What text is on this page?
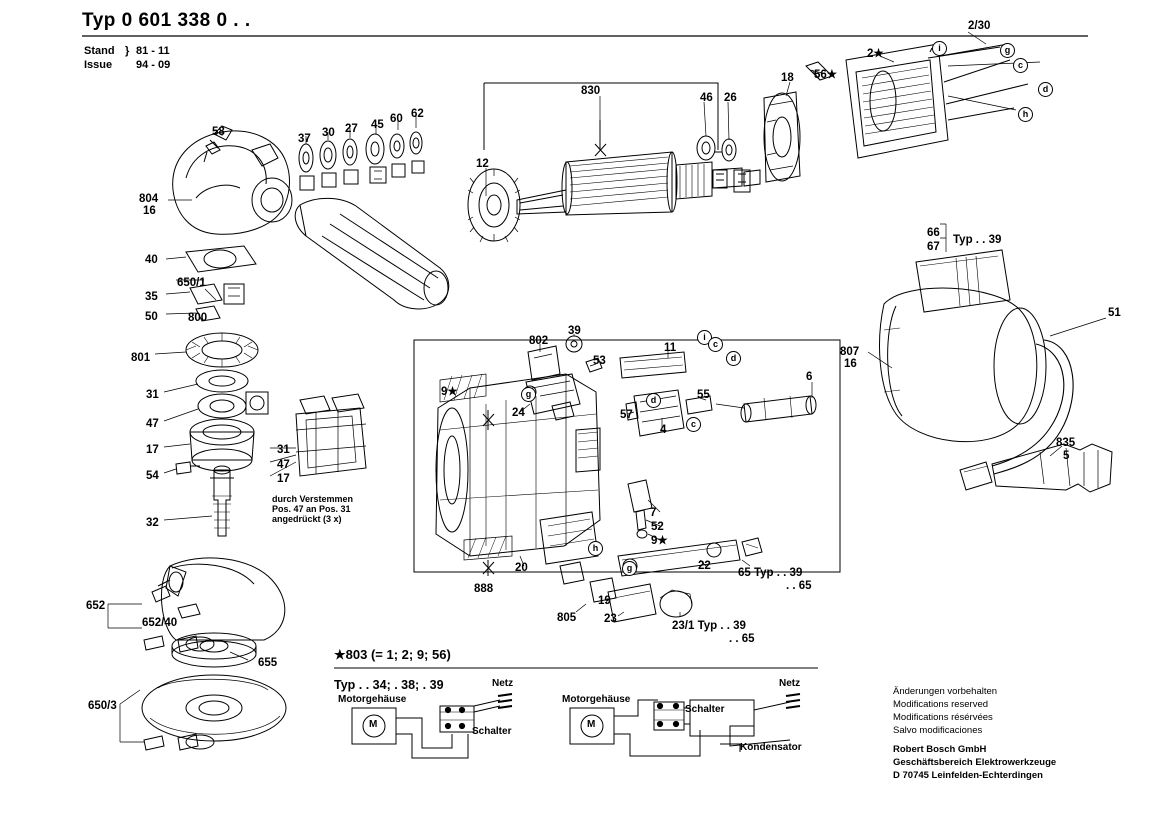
Typ 0 601 338 0 . .
Stand
Issue
} 81 - 11
94 - 09
Änderungen vorbehalten
Modifications reserved
Modifications résérvées
Salvo modificaciones
Robert Bosch GmbH
Geschäftsbereich Elektrowerkzeuge
D 70745 Leinfelden-Echterdingen
★803 (= 1; 2; 9; 56)
Typ . . 34; . 38; . 39
Motorgehäuse
Netz
Schalter
M
Motorgehäuse
Schalter
Netz
Kondensator
M
durch Verstemmen
Pos. 47 an Pos. 31
angedrückt (3 x)
2/30
2★
18 56★
830
46 26
12
58
37 30 27 45 60 62
804
16
40
35
50	800
801
31
47
17
54
32
31
47
17
650/1
652
652/40
655
650/3
802
39
53
11
9★
24	57
55
6
4
7
52
9★
22
20
888
805
19
23
23/1 Typ . . 39
. . 65
65 Typ . . 39
. . 65
66
67
Typ . . 39
51
807
16
835
5
g
c
d
h
i
i
c
d
d
c
g
h
g
